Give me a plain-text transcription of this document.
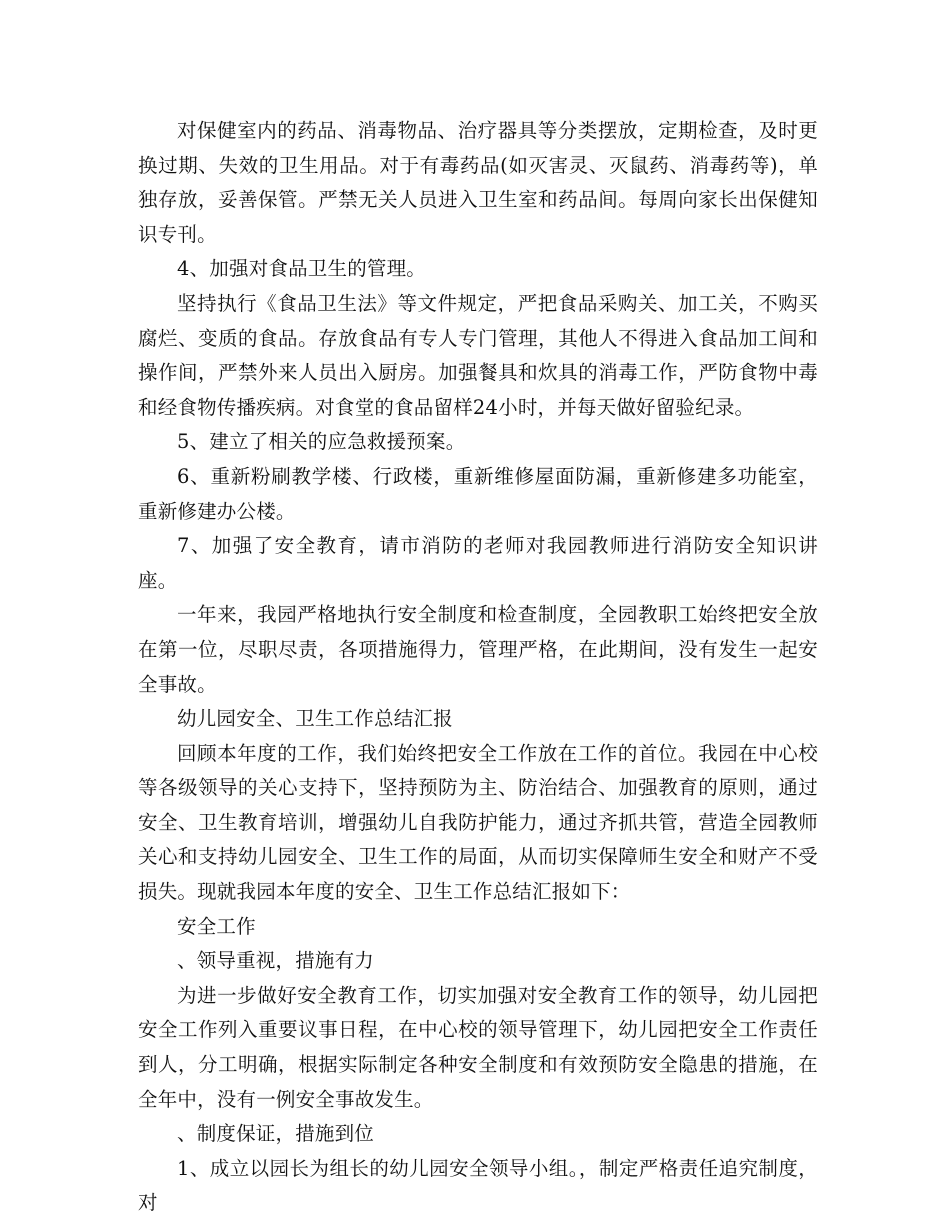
对保健室内的药品、消毒物品、治疗器具等分类摆放，定期检查，及时更换过期、失效的卫生用品。对于有毒药品(如灭害灵、灭鼠药、消毒药等)，单独存放，妥善保管。严禁无关人员进入卫生室和药品间。每周向家长出保健知识专刊。

4、加强对食品卫生的管理。

坚持执行《食品卫生法》等文件规定，严把食品采购关、加工关，不购买腐烂、变质的食品。存放食品有专人专门管理，其他人不得进入食品加工间和操作间，严禁外来人员出入厨房。加强餐具和炊具的消毒工作，严防食物中毒和经食物传播疾病。对食堂的食品留样24小时，并每天做好留验纪录。

5、建立了相关的应急救援预案。

6、重新粉刷教学楼、行政楼，重新维修屋面防漏，重新修建多功能室，重新修建办公楼。

7、加强了安全教育，请市消防的老师对我园教师进行消防安全知识讲座。

一年来，我园严格地执行安全制度和检查制度，全园教职工始终把安全放在第一位，尽职尽责，各项措施得力，管理严格，在此期间，没有发生一起安全事故。

幼儿园安全、卫生工作总结汇报

回顾本年度的工作，我们始终把安全工作放在工作的首位。我园在中心校等各级领导的关心支持下，坚持预防为主、防治结合、加强教育的原则，通过安全、卫生教育培训，增强幼儿自我防护能力，通过齐抓共管，营造全园教师关心和支持幼儿园安全、卫生工作的局面，从而切实保障师生安全和财产不受损失。现就我园本年度的安全、卫生工作总结汇报如下：

安全工作

、领导重视，措施有力

为进一步做好安全教育工作，切实加强对安全教育工作的领导，幼儿园把安全工作列入重要议事日程，在中心校的领导管理下，幼儿园把安全工作责任到人，分工明确，根据实际制定各种安全制度和有效预防安全隐患的措施，在全年中，没有一例安全事故发生。

、制度保证，措施到位

1、成立以园长为组长的幼儿园安全领导小组。，制定严格责任追究制度，对
